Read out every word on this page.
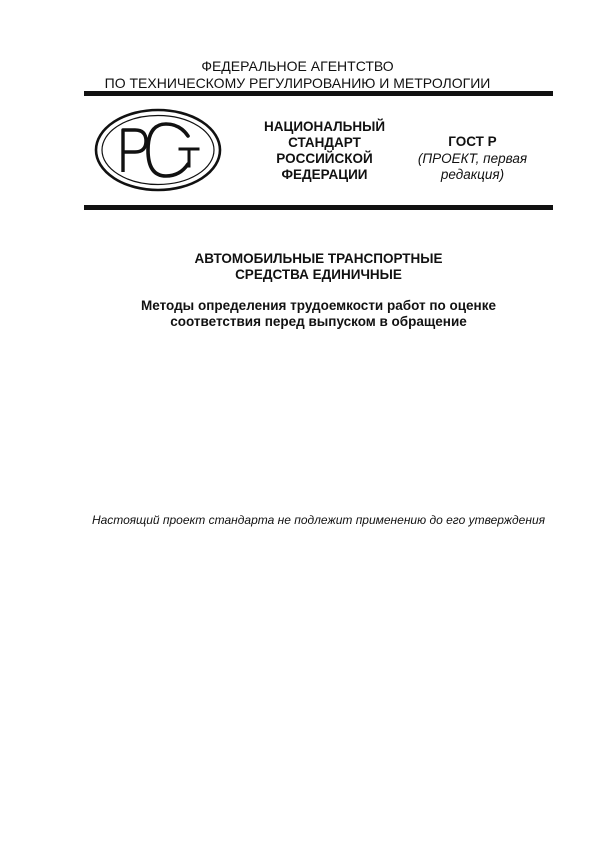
ФЕДЕРАЛЬНОЕ АГЕНТСТВО
ПО ТЕХНИЧЕСКОМУ РЕГУЛИРОВАНИЮ И МЕТРОЛОГИИ
НАЦИОНАЛЬНЫЙ
СТАНДАРТ
РОССИЙСКОЙ
ФЕДЕРАЦИИ
ГОСТ Р
(ПРОЕКТ, первая
редакция)
АВТОМОБИЛЬНЫЕ ТРАНСПОРТНЫЕ
СРЕДСТВА ЕДИНИЧНЫЕ
Методы определения трудоемкости работ по оценке
соответствия перед выпуском в обращение
Настоящий проект стандарта не подлежит применению до его утверждения
